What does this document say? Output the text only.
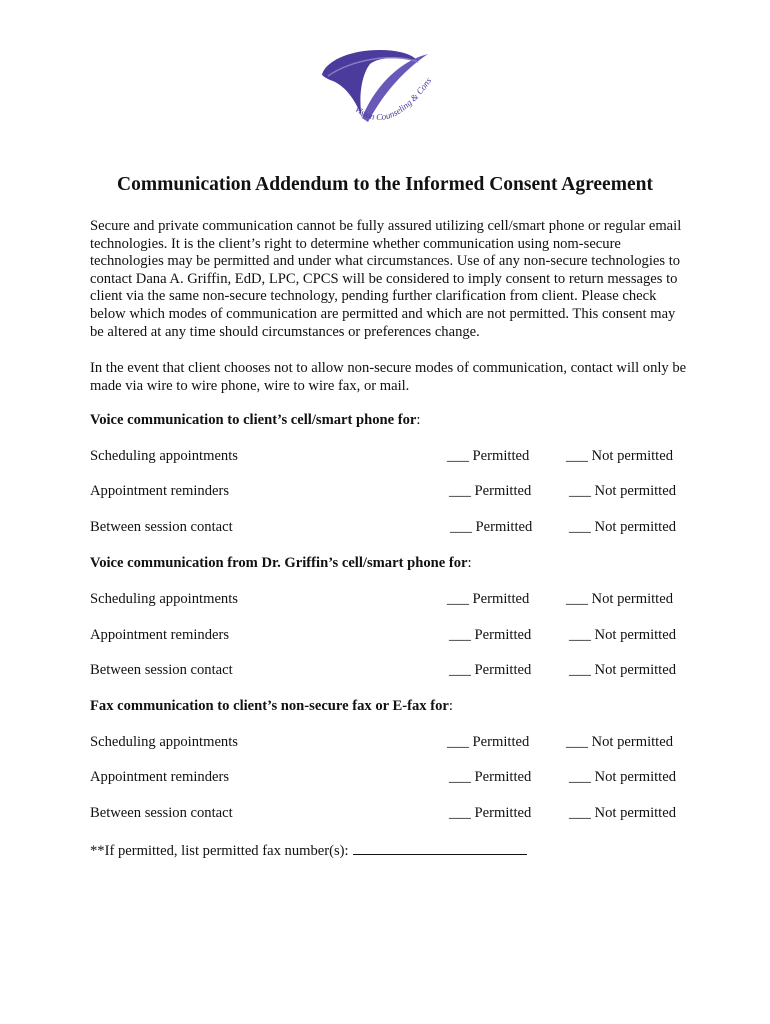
Vision Counseling & Cons
Communication Addendum to the Informed Consent Agreement
Secure and private communication cannot be fully assured utilizing cell/smart phone or regular email technologies. It is the client’s right to determine whether communication using nom-secure technologies may be permitted and under what circumstances. Use of any non-secure technologies to contact Dana A. Griffin, EdD, LPC, CPCS will be considered to imply consent to return messages to client via the same non-secure technology, pending further clarification from client. Please check below which modes of communication are permitted and which are not permitted. This consent may be altered at any time should circumstances or preferences change.
In the event that client chooses not to allow non-secure modes of communication, contact will only be made via wire to wire phone, wire to wire fax, or mail.
Voice communication to client’s cell/smart phone for:
Scheduling appointments	___ Permitted	___ Not permitted
Appointment reminders	___ Permitted	___ Not permitted
Between session contact	___ Permitted	___ Not permitted
Voice communication from Dr. Griffin’s cell/smart phone for:
Scheduling appointments	___ Permitted	___ Not permitted
Appointment reminders	___ Permitted	___ Not permitted
Between session contact	___ Permitted	___ Not permitted
Fax communication to client’s non-secure fax or E-fax for:
Scheduling appointments	___ Permitted	___ Not permitted
Appointment reminders	___ Permitted	___ Not permitted
Between session contact	___ Permitted	___ Not permitted
**If permitted, list permitted fax number(s):
